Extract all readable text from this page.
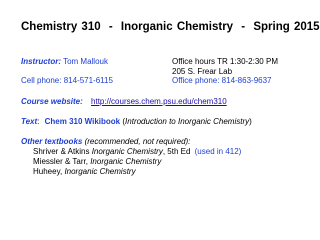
Chemistry 310 - Inorganic Chemistry - Spring 2015
Instructor: Tom Mallouk	Office hours TR 1:30-2:30 PM
205 S. Frear Lab
Cell phone: 814-571-6115	Office phone: 814-863-9637
Course website: http://courses.chem.psu.edu/chem310
Text: Chem 310 Wikibook (Introduction to Inorganic Chemistry)
Other textbooks (recommended, not required):
Shriver & Atkins Inorganic Chemistry, 5th Ed (used in 412)
Miessler & Tarr, Inorganic Chemistry
Huheey, Inorganic Chemistry
